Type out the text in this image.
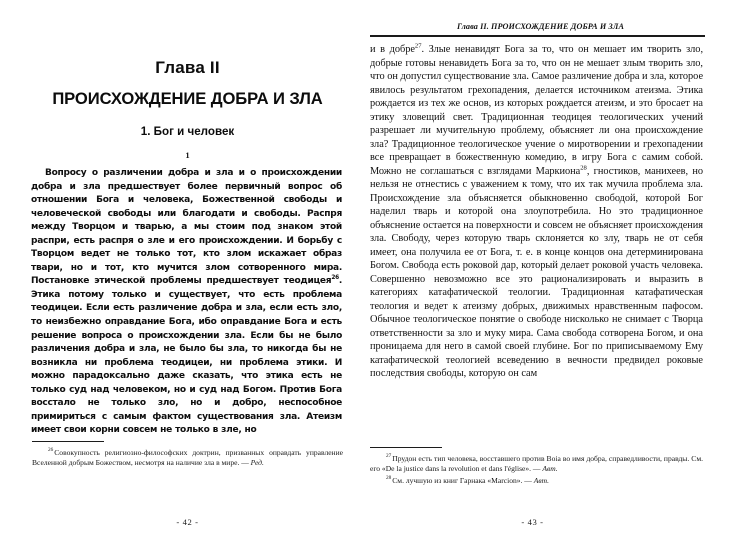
Глава II
ПРОИСХОЖДЕНИЕ ДОБРА И ЗЛА
1. Бог и человек
1

Вопросу о различении добра и зла и о происхождении добра и зла предшествует более первичный вопрос об отношении Бога и человека, Божественной свободы и человеческой свободы или благодати и свободы. Распря между Творцом и тварью, а мы стоим под знаком этой распри, есть распря о зле и его происхождении. И борьбу с Творцом ведет не только тот, кто злом искажает образ твари, но и тот, кто мучится злом сотворенного мира. Постановке этической проблемы предшествует теодицея$^{26}$. Этика потому только и существует, что есть проблема теодицеи. Если есть различение добра и зла, если есть зло, то неизбежно оправдание Бога, ибо оправдание Бога и есть решение вопроса о происхождении зла. Если бы не было различения добра и зла, не было бы зла, то никогда бы не возникла ни проблема теодицеи, ни проблема этики. И можно парадоксально даже сказать, что этика есть не только суд над человеком, но и суд над Богом. Против Бога восстало не только зло, но и добро, неспособное примириться с самым фактом существования зла. Атеизм имеет свои корни совсем не только в зле, но

$^{26}$Совокупность религиозно-философских доктрин, призванных оправдать управление Вселенной добрым Божеством, несмотря на наличие зла в мире. — Ред.

- 42 -
Глава II. ПРОИСХОЖДЕНИЕ ДОБРА И ЗЛА

и в добре$^{27}$. Злые ненавидят Бога за то, что он мешает им творить зло, добрые готовы ненавидеть Бога за то, что он не мешает злым творить зло, что он допустил существование зла. Самое различение добра и зла, которое явилось результатом грехопадения, делается источником атеизма. Этика рождается из тех же основ, из которых рождается атеизм, и это бросает на этику зловещий свет. Традиционная теодицея теологических учений разрешает ли мучительную проблему, объясняет ли она происхождение зла? Традиционное теологическое учение о миротворении и грехопадении все превращает в божественную комедию, в игру Бога с самим собой. Можно не соглашаться с взглядами Маркиона$^{28}$, гностиков, манихеев, но нельзя не отнестись с уважением к тому, что их так мучила проблема зла. Происхождение зла объясняется обыкновенно свободой, которой Бог наделил тварь и которой она злоупотребила. Но это традиционное объяснение остается на поверхности и совсем не объясняет происхождения зла. Свободу, через которую тварь склоняется ко злу, тварь не от себя имеет, она получила ее от Бога, т. е. в конце концов она детерминирована Богом. Свобода есть роковой дар, который делает роковой участь человека. Совершенно невозможно все это рационализировать и выразить в категориях катафатической теологии. Традиционная катафатическая теология и ведет к атеизму добрых, движимых нравственным пафосом. Обычное теологическое понятие о свободе нисколько не снимает с Творца ответственности за зло и муку мира. Сама свобода сотворена Богом, и она проницаема для него в самой своей глубине. Бог по приписываемому Ему катафатической теологией всеведению в вечности предвидел роковые последствия свободы, которую он сам

$^{27}$Прудон есть тип человека, восставшего против Boia во имя добра, справедливости, правды. См. его «De la justice dans la revolution et dans l'église». — Авт.

$^{28}$См. лучшую из книг Гарнака «Marcion». — Авт.

- 43 -
